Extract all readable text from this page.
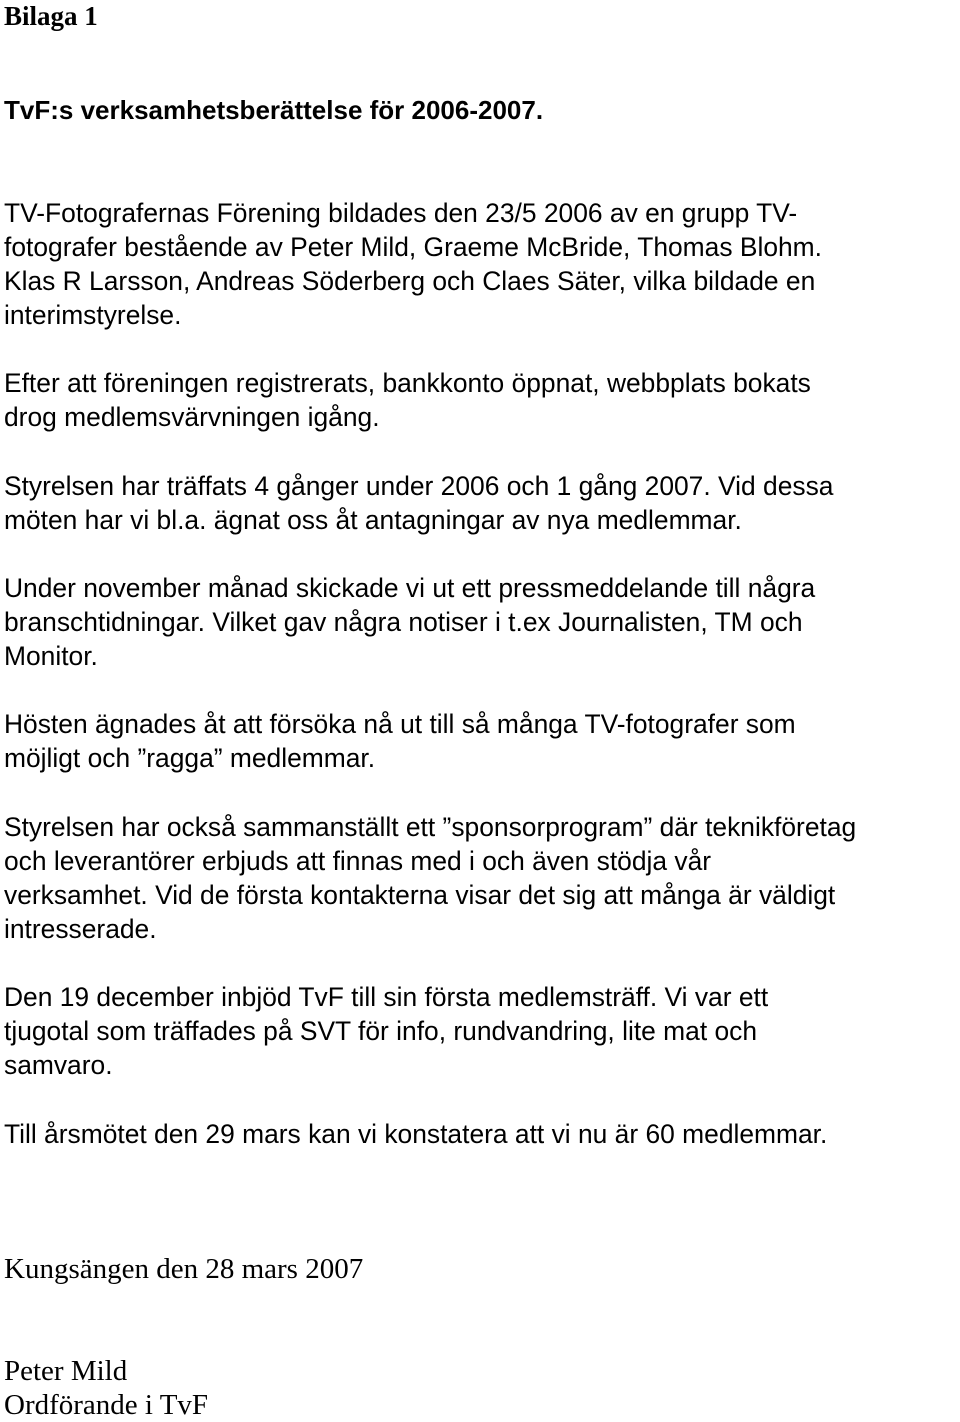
Bilaga 1

TvF:s verksamhetsberättelse för 2006-2007.

TV-Fotografernas Förening bildades den 23/5 2006 av en grupp TV-

fotografer bestående av Peter Mild, Graeme McBride, Thomas Blohm.

Klas R Larsson, Andreas Söderberg och Claes Säter, vilka bildade en

interimstyrelse.

Efter att föreningen registrerats, bankkonto öppnat, webbplats bokats

drog medlemsvärvningen igång.

Styrelsen har träffats 4 gånger under 2006 och 1 gång 2007. Vid dessa

möten har vi bl.a. ägnat oss åt antagningar av nya medlemmar.

Under november månad skickade vi ut ett pressmeddelande till några

branschtidningar. Vilket gav några notiser i t.ex Journalisten, TM och

Monitor.

Hösten ägnades åt att försöka nå ut till så många TV-fotografer som

möjligt och ”ragga” medlemmar.

Styrelsen har också sammanställt ett ”sponsorprogram” där teknikföretag

och leverantörer erbjuds att finnas med i och även stödja vår

verksamhet. Vid de första kontakterna visar det sig att många är väldigt

intresserade.

Den 19 december inbjöd TvF till sin första medlemsträff. Vi var ett

tjugotal som träffades på SVT för info, rundvandring, lite mat och

samvaro.

Till årsmötet den 29 mars kan vi konstatera att vi nu är 60 medlemmar.

Kungsängen den 28 mars 2007

Peter Mild

Ordförande i TvF
